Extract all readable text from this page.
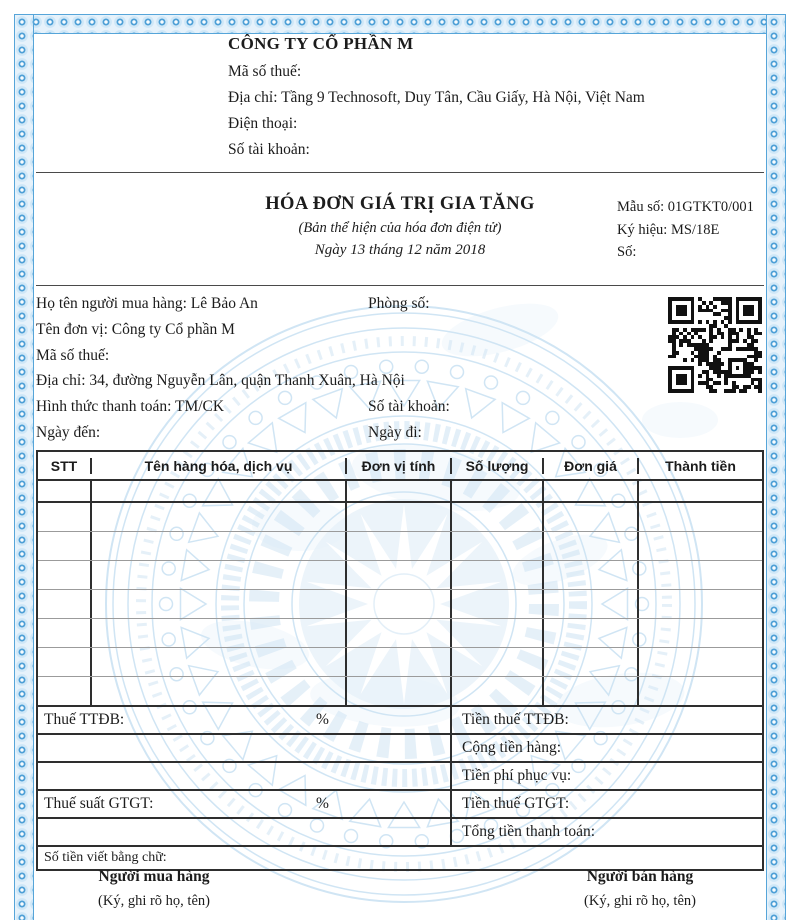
CÔNG TY CỔ PHẦN M
Mã số thuế:
Địa chỉ: Tầng 9 Technosoft, Duy Tân, Cầu Giấy, Hà Nội, Việt Nam
Điện thoại:
Số tài khoản:
HÓA ĐƠN GIÁ TRỊ GIA TĂNG
(Bản thể hiện của hóa đơn điện tử)
Ngày 13 tháng 12 năm 2018
Mẫu số: 01GTKT0/001
Ký hiệu: MS/18E
Số:
Họ tên người mua hàng: Lê Bảo An	Phòng số:
Tên đơn vị: Công ty Cổ phần M
Mã số thuế:
Địa chỉ: 34, đường Nguyễn Lân, quận Thanh Xuân, Hà Nội
Hình thức thanh toán: TM/CK	Số tài khoản:
Ngày đến:	Ngày đi:
STT	Tên hàng hóa, dịch vụ	Đơn vị tính	Số lượng	Đơn giá	Thành tiền
Thuế TTĐB:	%	Tiền thuế TTĐB:
Cộng tiền hàng:
Tiền phí phục vụ:
Thuế suất GTGT:	%	Tiền thuế GTGT:
Tổng tiền thanh toán:
Số tiền viết bằng chữ:
Người mua hàng
(Ký, ghi rõ họ, tên)
Người bán hàng
(Ký, ghi rõ họ, tên)
